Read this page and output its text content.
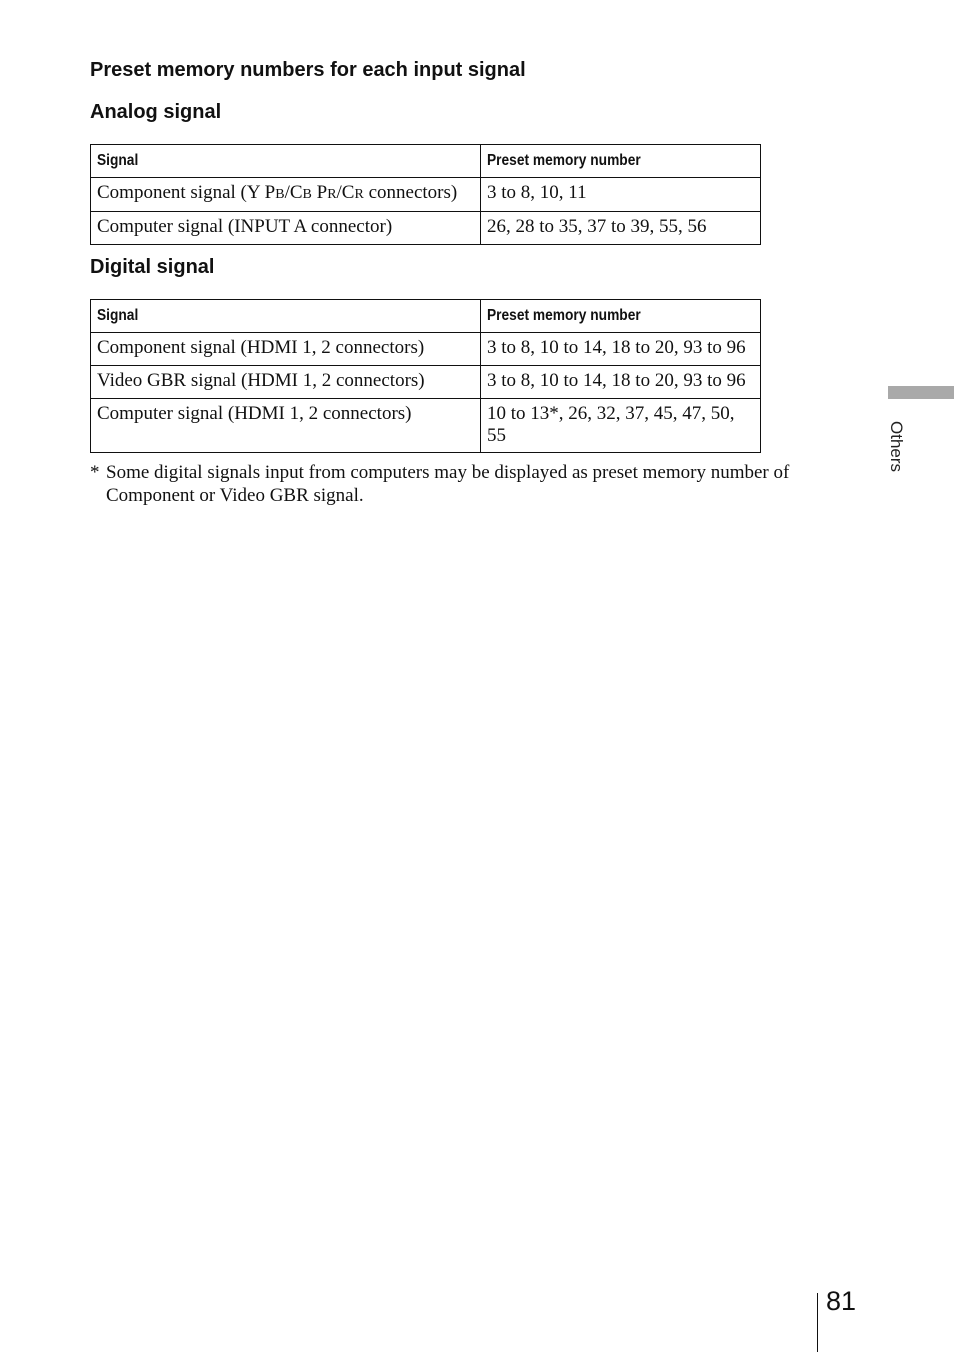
Preset memory numbers for each input signal
Analog signal
Signal	Preset memory number
Component signal (Y PB/CB PR/CR connectors)	3 to 8, 10, 11
Computer signal (INPUT A connector)	26, 28 to 35, 37 to 39, 55, 56
Digital signal
Signal	Preset memory number
Component signal (HDMI 1, 2 connectors)	3 to 8, 10 to 14, 18 to 20, 93 to 96
Video GBR signal (HDMI 1, 2 connectors)	3 to 8, 10 to 14, 18 to 20, 93 to 96
Computer signal (HDMI 1, 2 connectors)	10 to 13*, 26, 32, 37, 45, 47, 50, 55
* Some digital signals input from computers may be displayed as preset memory number of Component or Video GBR signal.
Others
81
